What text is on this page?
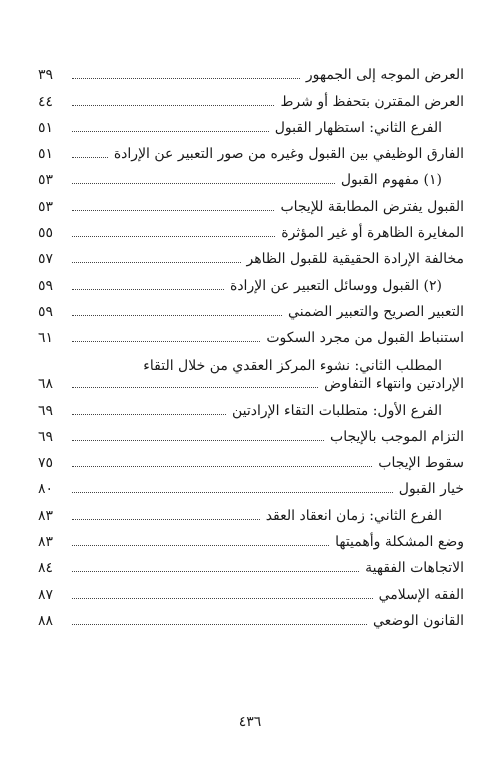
العرض الموجه إلى الجمهور
٣٩
العرض المقترن بتحفظ أو شرط
٤٤
الفرع الثاني: استظهار القبول
٥١
الفارق الوظيفي بين القبول وغيره من صور التعبير عن الإرادة
٥١
(١) مفهوم القبول
٥٣
القبول يفترض المطابقة للإيجاب
٥٣
المغايرة الظاهرة أو غير المؤثرة
٥٥
مخالفة الإرادة الحقيقية للقبول الظاهر
٥٧
(٢) القبول ووسائل التعبير عن الإرادة
٥٩
التعبير الصريح والتعبير الضمني
٥٩
استنباط القبول من مجرد السكوت
٦١
المطلب الثاني: نشوء المركز العقدي من خلال التقاء
الإرادتين وانتهاء التفاوض
٦٨
الفرع الأول: متطلبات التقاء الإرادتين
٦٩
التزام الموجب بالإيجاب
٦٩
سقوط الإيجاب
٧٥
خيار القبول
٨٠
الفرع الثاني: زمان انعقاد العقد
٨٣
وضع المشكلة وأهميتها
٨٣
الاتجاهات الفقهية
٨٤
الفقه الإسلامي
٨٧
القانون الوضعي
٨٨
٤٣٦
